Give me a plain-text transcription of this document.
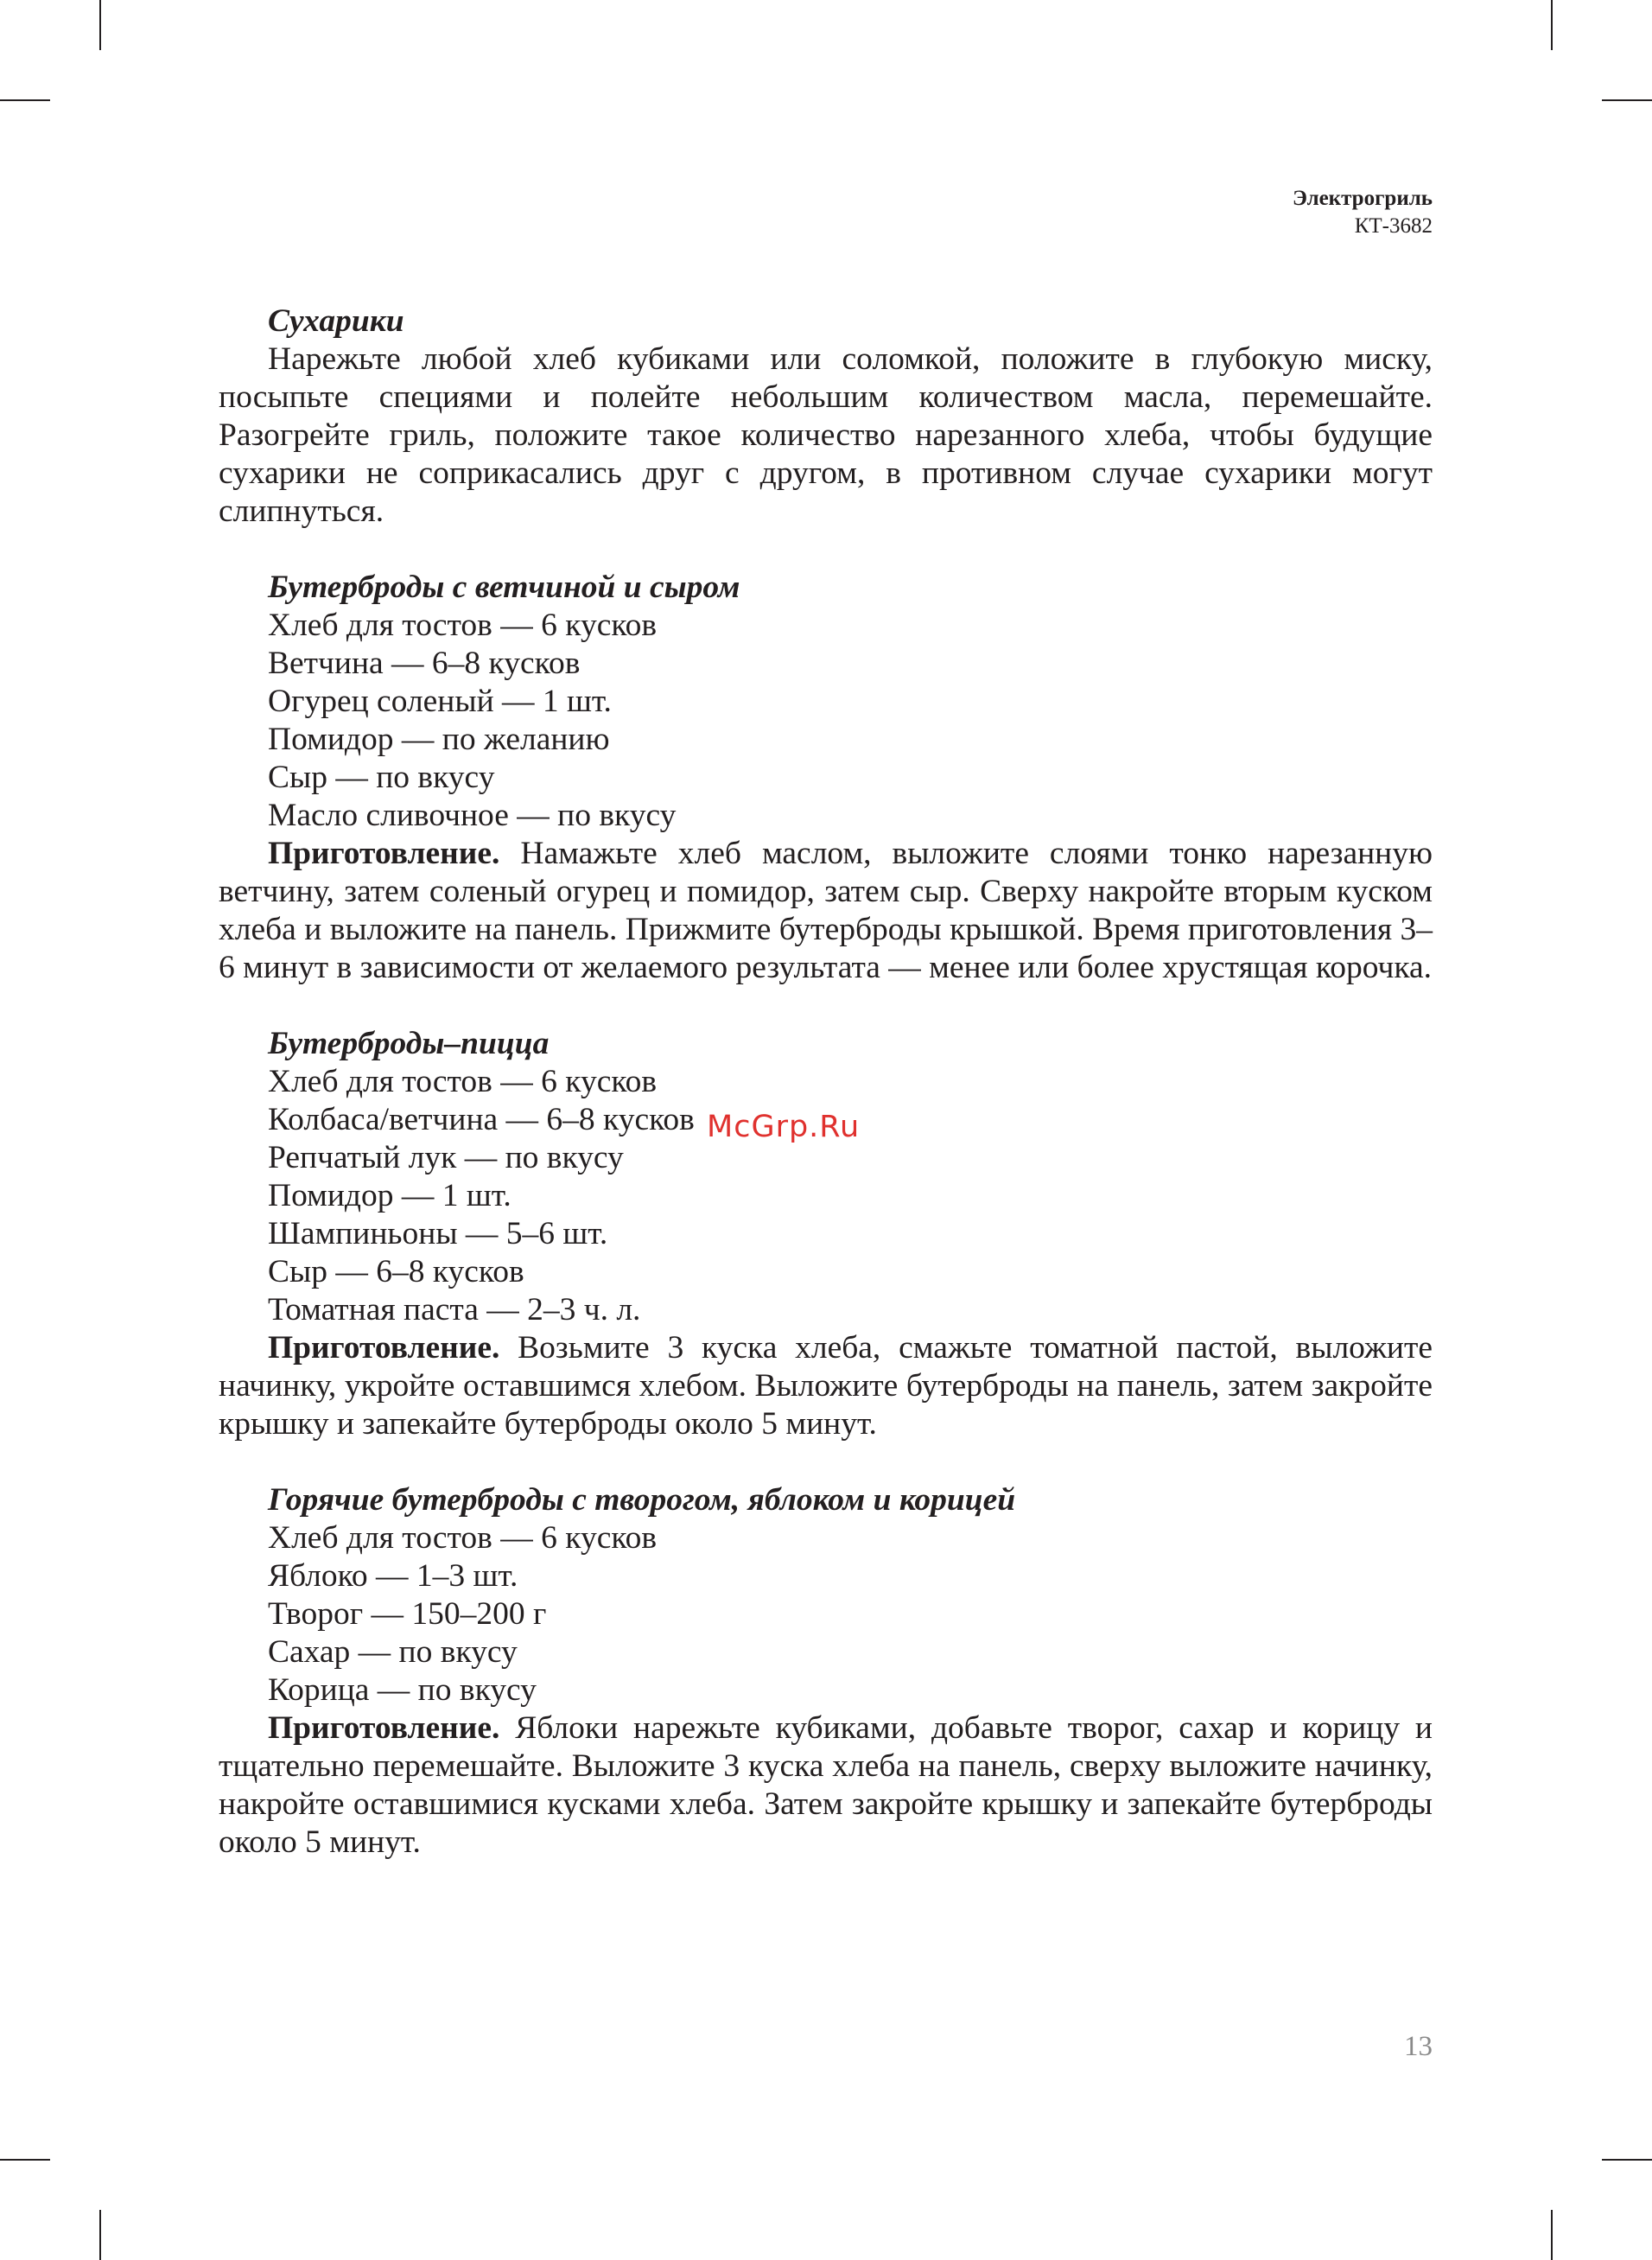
Электрогриль
КТ-3682
Сухарики
Нарежьте любой хлеб кубиками или соломкой, положите в глубокую миску, посыпьте специями и полейте небольшим количеством масла, перемешайте. Разогрейте гриль, положите такое количество нарезанного хлеба, чтобы будущие сухарики не соприкасались друг с другом, в противном случае сухарики могут слипнуться.
Бутерброды с ветчиной и сыром
Хлеб для тостов — 6 кусков
Ветчина — 6–8 кусков
Огурец соленый — 1 шт.
Помидор — по желанию
Сыр — по вкусу
Масло сливочное — по вкусу
Приготовление. Намажьте хлеб маслом, выложите слоями тонко нарезанную ветчину, затем соленый огурец и помидор, затем сыр. Сверху накройте вторым куском хлеба и выложите на панель. Прижмите бутерброды крышкой. Время приготовления 3–6 минут в зависимости от желаемого результата — менее или более хрустящая корочка.
Бутерброды–пицца
Хлеб для тостов — 6 кусков
Колбаса/ветчина — 6–8 кусков
Репчатый лук — по вкусу
Помидор — 1 шт.
Шампиньоны — 5–6 шт.
Сыр — 6–8 кусков
Томатная паста — 2–3 ч. л.
Приготовление. Возьмите 3 куска хлеба, смажьте томатной пастой, выложите начинку, укройте оставшимся хлебом. Выложите бутерброды на панель, затем закройте крышку и запекайте бутерброды около 5 минут.
Горячие бутерброды с творогом, яблоком и корицей
Хлеб для тостов — 6 кусков
Яблоко — 1–3 шт.
Творог — 150–200 г
Сахар — по вкусу
Корица — по вкусу
Приготовление. Яблоки нарежьте кубиками, добавьте творог, сахар и корицу и тщательно перемешайте. Выложите 3 куска хлеба на панель, сверху выложите начинку, накройте оставшимися кусками хлеба. Затем закройте крышку и запекайте бутерброды около 5 минут.
McGrp.Ru
13
